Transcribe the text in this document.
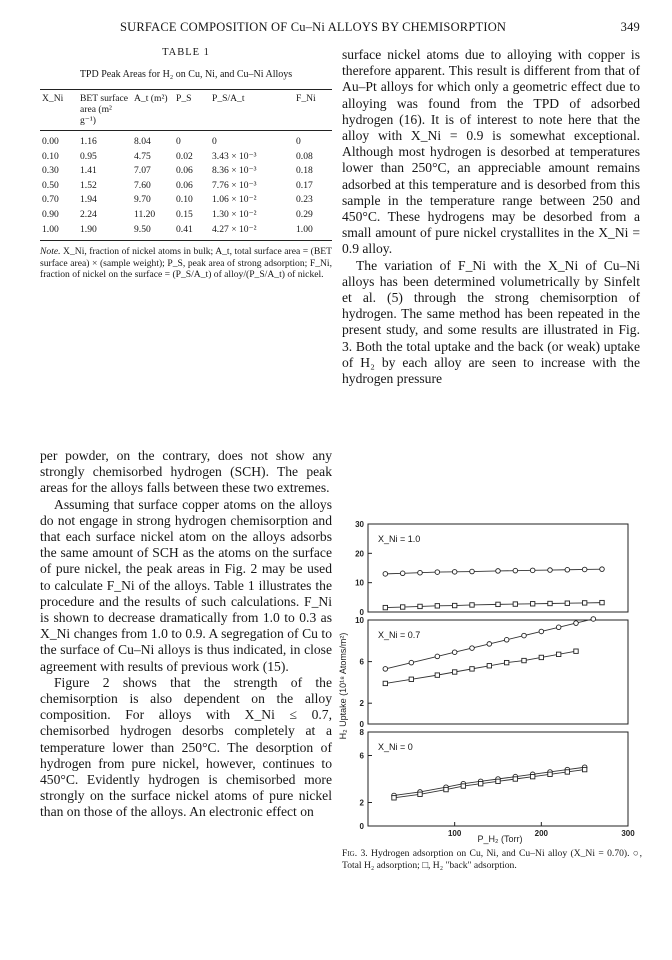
SURFACE COMPOSITION OF Cu–Ni ALLOYS BY CHEMISORPTION	349
TABLE 1
TPD Peak Areas for H₂ on Cu, Ni, and Cu–Ni Alloys
X_Ni	BET surface area (m² g⁻¹)	A_t (m²)	P_S	P_S/A_t	F_Ni
0.00	1.16	8.04	0	0	0
0.10	0.95	4.75	0.02	3.43 × 10⁻³	0.08
0.30	1.41	7.07	0.06	8.36 × 10⁻³	0.18
0.50	1.52	7.60	0.06	7.76 × 10⁻³	0.17
0.70	1.94	9.70	0.10	1.06 × 10⁻²	0.23
0.90	2.24	11.20	0.15	1.30 × 10⁻²	0.29
1.00	1.90	9.50	0.41	4.27 × 10⁻²	1.00
Note. X_Ni, fraction of nickel atoms in bulk; A_t, total surface area = (BET surface area) × (sample weight); P_S, peak area of strong adsorption; F_Ni, fraction of nickel on the surface = (P_S/A_t) of alloy/(P_S/A_t) of nickel.

per powder, on the contrary, does not show any strongly chemisorbed hydrogen (SCH). The peak areas for the alloys falls between these two extremes.

Assuming that surface copper atoms on the alloys do not engage in strong hydrogen chemisorption and that each surface nickel atom on the alloys adsorbs the same amount of SCH as the atoms on the surface of pure nickel, the peak areas in Fig. 2 may be used to calculate F_Ni of the alloys. Table 1 illustrates the procedure and the results of such calculations. F_Ni is shown to decrease dramatically from 1.0 to 0.3 as X_Ni changes from 1.0 to 0.9. A segregation of Cu to the surface of Cu–Ni alloys is thus indicated, in close agreement with results of previous work (15).

Figure 2 shows that the strength of the chemisorption is also dependent on the alloy composition. For alloys with X_Ni ≤ 0.7, chemisorbed hydrogen desorbs completely at a temperature lower than 250°C. The desorption of hydrogen from pure nickel, however, continues to 450°C. Evidently hydrogen is chemisorbed more strongly on the surface nickel atoms of pure nickel than on those of the alloys. An electronic effect on

surface nickel atoms due to alloying with copper is therefore apparent. This result is different from that of Au–Pt alloys for which only a geometric effect due to alloying was found from the TPD of adsorbed hydrogen (16). It is of interest to note here that the alloy with X_Ni = 0.9 is somewhat exceptional. Although most hydrogen is desorbed at temperatures lower than 250°C, an appreciable amount remains adsorbed at this temperature and is desorbed from this sample in the temperature range between 250 and 450°C. These hydrogens may be desorbed from a small amount of pure nickel crystallites in the X_Ni = 0.9 alloy.

The variation of F_Ni with the X_Ni of Cu–Ni alloys has been determined volumetrically by Sinfelt et al. (5) through the strong chemisorption of hydrogen. The same method has been repeated in the present study, and some results are illustrated in Fig. 3. Both the total uptake and the back (or weak) uptake of H₂ by each alloy are seen to increase with the hydrogen pressure

0
10
20
30
X_Ni = 1.0
0
2
6
10
X_Ni = 0.7
0
2
6
8
100	200	300
X_Ni = 0
H₂ Uptake (10¹⁸ Atoms/m²)
P_H₂ (Torr)
Fig. 3. Hydrogen adsorption on Cu, Ni, and Cu–Ni alloy (X_Ni = 0.70). ○, Total H₂ adsorption; □, H₂ "back" adsorption.
